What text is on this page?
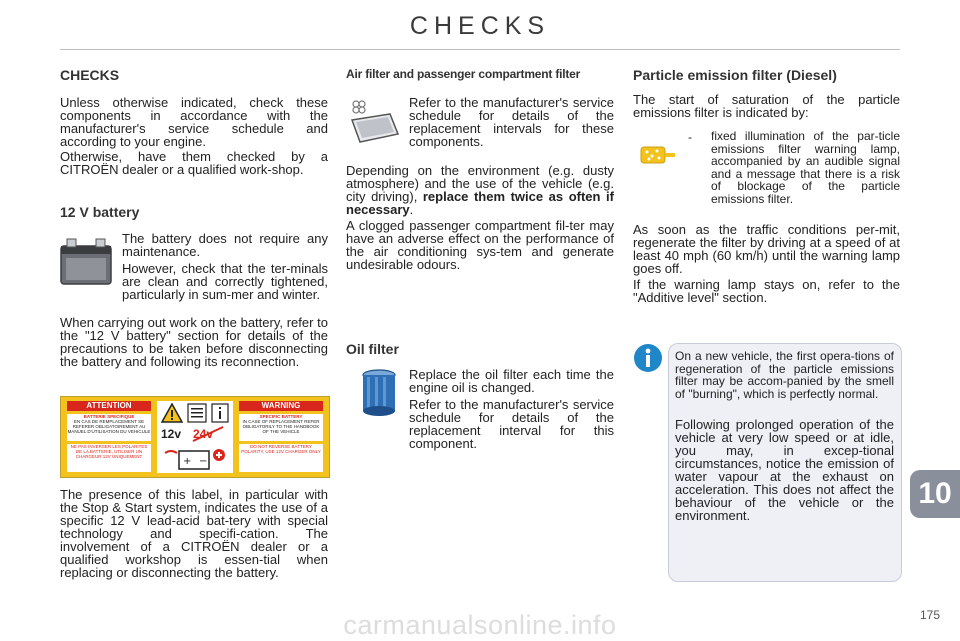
CHECKS
CHECKS

Unless otherwise indicated, check these components in accordance with the manufacturer's service schedule and according to your engine.

Otherwise, have them checked by a CITROËN dealer or a qualified work-shop.

12 V battery

The battery does not require any maintenance.

However, check that the ter-minals are clean and correctly tightened, particularly in sum-mer and winter.

When carrying out work on the battery, refer to the "12 V battery" section for details of the precautions to be taken before disconnecting the battery and following its reconnection.

ATTENTION	WARNING
BATTERIE SPECIFIQUE
EN CAS DE REMPLACEMENT SE REFERER OBLIGATOIREMENT AU MANUEL D'UTILISATION DU VEHICULE
NE PAS INVERSER LES POLARITES DE LA BATTERIE, UTILISER UN CHARGEUR 12V UNIQUEMENT
SPECIFIC BATTERY
IN CASE OF REPLACEMENT REFER OBLIGATORILY TO THE HANDBOOK OF THE VEHICLE
DO NOT REVERSE BATTERY POLARITY, USE 12V CHARGER ONLY
12v 24v
+ −

The presence of this label, in particular with the Stop & Start system, indicates the use of a specific 12 V lead-acid bat-tery with special technology and specifi-cation. The involvement of a CITROËN dealer or a qualified workshop is essen-tial when replacing or disconnecting the battery.

Air filter and passenger compartment filter

Refer to the manufacturer's service schedule for details of the replacement intervals for these components.

Depending on the environment (e.g. dusty atmosphere) and the use of the vehicle (e.g. city driving), replace them twice as often if necessary.

A clogged passenger compartment fil-ter may have an adverse effect on the performance of the air conditioning sys-tem and generate undesirable odours.

Oil filter

Replace the oil filter each time the engine oil is changed.

Refer to the manufacturer's service schedule for details of the replacement interval for this component.

Particle emission filter (Diesel)

The start of saturation of the particle emissions filter is indicated by:

- fixed illumination of the par-ticle emissions filter warning lamp, accompanied by an audible signal and a message that there is a risk of blockage of the particle emissions filter.

As soon as the traffic conditions per-mit, regenerate the filter by driving at a speed of at least 40 mph (60 km/h) until the warning lamp goes off.

If the warning lamp stays on, refer to the "Additive level" section.

On a new vehicle, the first opera-tions of regeneration of the particle emissions filter may be accom-panied by the smell of "burning", which is perfectly normal.

Following prolonged operation of the vehicle at very low speed or at idle, you may, in excep-tional circumstances, notice the emission of water vapour at the exhaust on acceleration. This does not affect the behaviour of the vehicle or the environment.

10
175
carmanualsonline.info
